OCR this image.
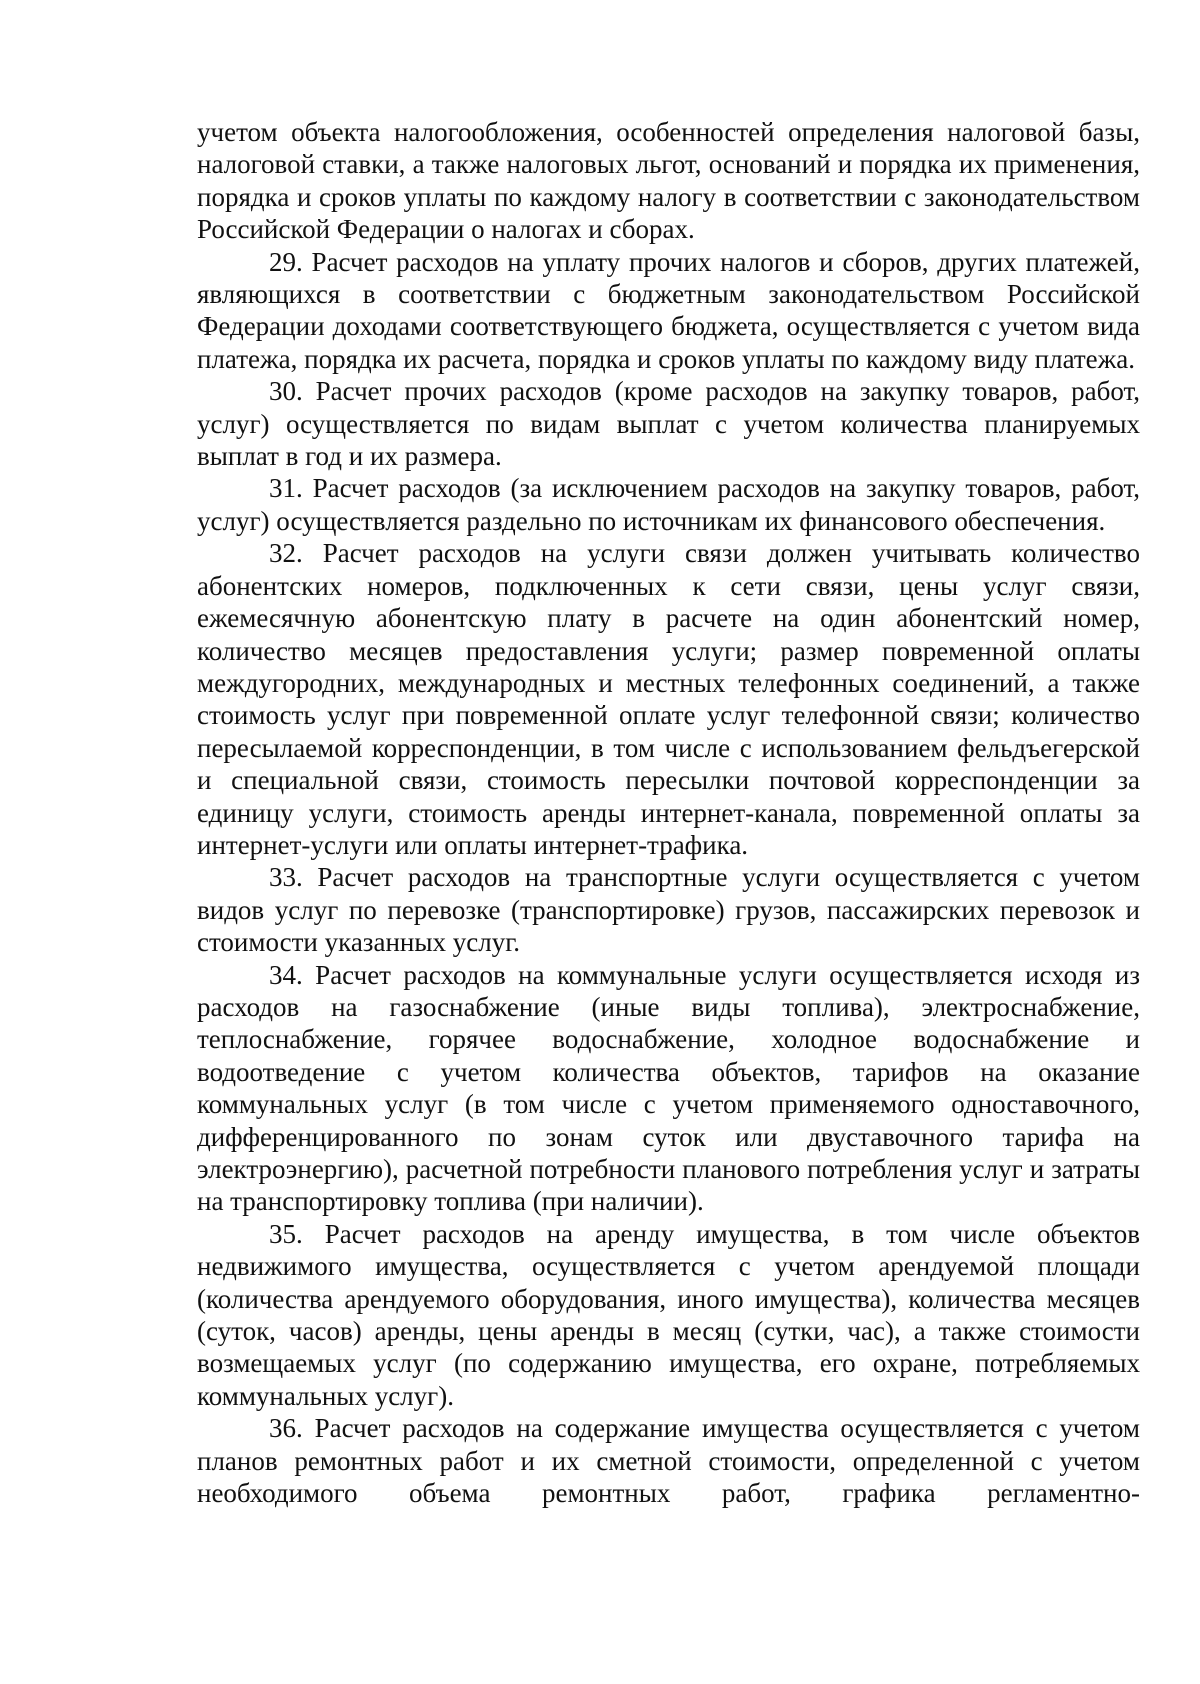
учетом объекта налогообложения, особенностей определения налоговой базы, налоговой ставки, а также налоговых льгот, оснований и порядка их применения, порядка и сроков уплаты по каждому налогу в соответствии с законодательством Российской Федерации о налогах и сборах.

29. Расчет расходов на уплату прочих налогов и сборов, других платежей, являющихся в соответствии с бюджетным законодательством Российской Федерации доходами соответствующего бюджета, осуществляется с учетом вида платежа, порядка их расчета, порядка и сроков уплаты по каждому виду платежа.

30. Расчет прочих расходов (кроме расходов на закупку товаров, работ, услуг) осуществляется по видам выплат с учетом количества планируемых выплат в год и их размера.

31. Расчет расходов (за исключением расходов на закупку товаров, работ, услуг) осуществляется раздельно по источникам их финансового обеспечения.

32. Расчет расходов на услуги связи должен учитывать количество абонентских номеров, подключенных к сети связи, цены услуг связи, ежемесячную абонентскую плату в расчете на один абонентский номер, количество месяцев предоставления услуги; размер повременной оплаты междугородних, международных и местных телефонных соединений, а также стоимость услуг при повременной оплате услуг телефонной связи; количество пересылаемой корреспонденции, в том числе с использованием фельдъегерской и специальной связи, стоимость пересылки почтовой корреспонденции за единицу услуги, стоимость аренды интернет-канала, повременной оплаты за интернет-услуги или оплаты интернет-трафика.

33. Расчет расходов на транспортные услуги осуществляется с учетом видов услуг по перевозке (транспортировке) грузов, пассажирских перевозок и стоимости указанных услуг.

34. Расчет расходов на коммунальные услуги осуществляется исходя из расходов на газоснабжение (иные виды топлива), электроснабжение, теплоснабжение, горячее водоснабжение, холодное водоснабжение и водоотведение с учетом количества объектов, тарифов на оказание коммунальных услуг (в том числе с учетом применяемого одноставочного, дифференцированного по зонам суток или двуставочного тарифа на электроэнергию), расчетной потребности планового потребления услуг и затраты на транспортировку топлива (при наличии).

35. Расчет расходов на аренду имущества, в том числе объектов недвижимого имущества, осуществляется с учетом арендуемой площади (количества арендуемого оборудования, иного имущества), количества месяцев (суток, часов) аренды, цены аренды в месяц (сутки, час), а также стоимости возмещаемых услуг (по содержанию имущества, его охране, потребляемых коммунальных услуг).

36. Расчет расходов на содержание имущества осуществляется с учетом планов ремонтных работ и их сметной стоимости, определенной с учетом необходимого объема ремонтных работ, графика регламентно-
